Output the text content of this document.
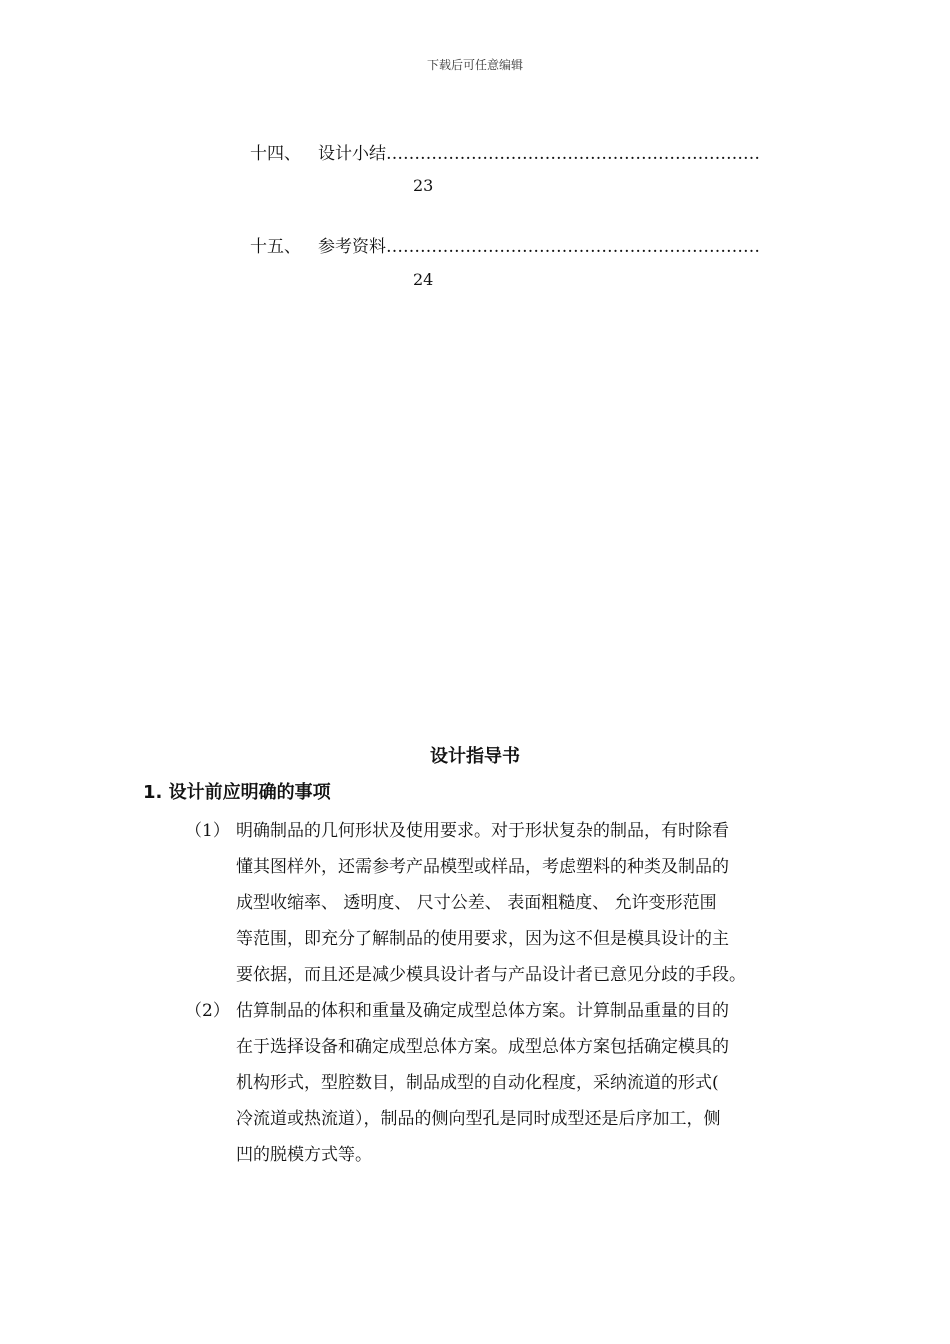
下载后可任意编辑
十四、 设计小结…………………………………………………………
23
十五、 参考资料…………………………………………………………
24
设计指导书
1. 设计前应明确的事项
（1） 明确制品的几何形状及使用要求。对于形状复杂的制品，有时除看
懂其图样外，还需参考产品模型或样品，考虑塑料的种类及制品的
成型收缩率、 透明度、 尺寸公差、 表面粗糙度、 允许变形范围
等范围，即充分了解制品的使用要求，因为这不但是模具设计的主
要依据，而且还是减少模具设计者与产品设计者已意见分歧的手段。
（2） 估算制品的体积和重量及确定成型总体方案。计算制品重量的目的
在于选择设备和确定成型总体方案。成型总体方案包括确定模具的
机构形式，型腔数目，制品成型的自动化程度，采纳流道的形式(
冷流道或热流道），制品的侧向型孔是同时成型还是后序加工，侧
凹的脱模方式等。
